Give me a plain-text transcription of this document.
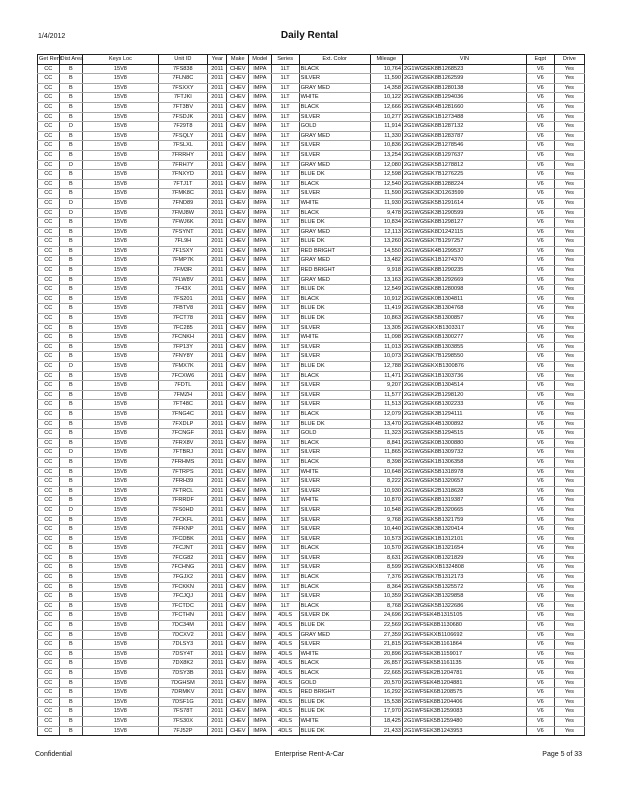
1/4/2012	Daily Rental
Get Rent	Dist Area	Keys Loc	Unit ID	Year	Make	Model	Series	Ext. Color	Mileage	VIN	Eqpt	Drive
CC	B	15V8	7FS838	2011	CHEV	IMPA	1LT	BLACK	10,764	2G1WG5EK8B1268523	V6	Yes
CC	B	15V8	7FLN8C	2011	CHEV	IMPA	1LT	SILVER	11,590	2G1WG5EK8B1262599	V6	Yes
CC	B	15V8	7FSXXY	2011	CHEV	IMPA	1LT	GRAY MED	14,358	2G1WG5EK8B1280138	V6	Yes
CC	B	15V8	7FTJKI	2011	CHEV	IMPA	1LT	WHITE	10,122	2G1WG5EK8B1294036	V6	Yes
CC	B	15V8	7FT3BV	2011	CHEV	IMPA	1LT	BLACK	12,666	2G1WG5EK4B1281660	V6	Yes
CC	B	15V8	7FSDJK	2011	CHEV	IMPA	1LT	SILVER	10,277	2G1WG5EK1B1273488	V6	Yes
CC	D	15V8	7F29T8	2011	CHEV	IMPA	1LT	GOLD	11,914	2G1WG5EK8B1287132	V6	Yes
CC	B	15V8	7FSQLY	2011	CHEV	IMPA	1LT	GRAY MED	11,330	2G1WG5EK8B1283787	V6	Yes
CC	B	15V8	7FSLXL	2011	CHEV	IMPA	1LT	SILVER	10,836	2G1WG5EK2B1278546	V6	Yes
CC	B	15V8	7FRRHY	2011	CHEV	IMPA	1LT	SILVER	13,254	2G1WG5EK6B1297637	V6	Yes
CC	D	15V8	7FRH7Y	2011	CHEV	IMPA	1LT	GRAY MED	12,080	2G1WG5EK5B1278812	V6	Yes
CC	B	15V8	7FNXYD	2011	CHEV	IMPA	1LT	BLUE DK	12,598	2G1WG5EK7B1276225	V6	Yes
CC	B	15V8	7FTJ1T	2011	CHEV	IMPA	1LT	BLACK	12,540	2G1WG5EK8B1288224	V6	Yes
CC	B	15V8	7FMK8C	2011	CHEV	IMPA	1LT	SILVER	11,590	2G1WG5EK3D1263599	V6	Yes
CC	D	15V8	7FND89	2011	CHEV	IMPA	1LT	WHITE	11,930	2G1WG5EK5B1291614	V6	Yes
CC	D	15V8	7FMJ8W	2011	CHEV	IMPA	1LT	BLACK	9,478	2G1WG5EK3B1290599	V6	Yes
CC	B	15V8	7FWJ6K	2011	CHEV	IMPA	1LT	BLUE DK	10,834	2G1WG5EK8B1298127	V6	Yes
CC	B	15V8	7FSYNT	2011	CHEV	IMPA	1LT	GRAY MED	12,113	2G1WG5EK8D1242115	V6	Yes
CC	B	15V8	7FL9H	2011	CHEV	IMPA	1LT	BLUE DK	13,260	2G1WG5EK7B1297257	V6	Yes
CC	B	15V8	7F1SXY	2011	CHEV	IMPA	1LT	RED BRIGHT	14,550	2G1WG5EK4B1299537	V6	Yes
CC	B	15V8	7FMP7K	2011	CHEV	IMPA	1LT	GRAY MED	13,482	2G1WG5EK1B1274370	V6	Yes
CC	B	15V8	7FM3R	2011	CHEV	IMPA	1LT	RED BRIGHT	9,918	2G1WG5EK8B1290235	V6	Yes
CC	B	15V8	7FLW8V	2011	CHEV	IMPA	1LT	GRAY MED	13,163	2G1WG5EK3B1292669	V6	Yes
CC	B	15V8	7F43X	2011	CHEV	IMPA	1LT	BLUE DK	12,549	2G1WG5EK8B1280098	V6	Yes
CC	B	15V8	7FS201	2011	CHEV	IMPA	1LT	BLACK	10,912	2G1WG5EK0B1304811	V6	Yes
CC	B	15V8	7FBTV8	2011	CHEV	IMPA	1LT	BLUE DK	11,419	2G1WG5EK3B1304768	V6	Yes
CC	B	15V8	7FCT78	2011	CHEV	IMPA	1LT	BLUE DK	10,863	2G1WG5EK5B1300857	V6	Yes
CC	B	15V8	7FC285	2011	CHEV	IMPA	1LT	SILVER	13,305	2G1WG5EKXB1303317	V6	Yes
CC	B	15V8	7FCNKH	2011	CHEV	IMPA	1LT	WHITE	11,098	2G1WG5EK6B1300277	V6	Yes
CC	B	15V8	7FP13Y	2011	CHEV	IMPA	1LT	SILVER	11,013	2G1WG5EK8B1303855	V6	Yes
CC	B	15V8	7FNY8Y	2011	CHEV	IMPA	1LT	SILVER	10,073	2G1WG5EK7B1298550	V6	Yes
CC	D	15V8	7FMX7K	2011	CHEV	IMPA	1LT	BLUE DK	12,788	2G1WG5EKXB1300876	V6	Yes
CC	B	15V8	7FCXW6	2011	CHEV	IMPA	1LT	BLACK	11,471	2G1WG5EK1B1303736	V6	Yes
CC	B	15V8	7FDTL	2011	CHEV	IMPA	1LT	SILVER	9,207	2G1WG5EK0B1304514	V6	Yes
CC	B	15V8	7FMZH	2011	CHEV	IMPA	1LT	SILVER	11,577	2G1WG5EK2B1298120	V6	Yes
CC	B	15V8	7FT48C	2011	CHEV	IMPA	1LT	SILVER	11,513	2G1WG5EK6B1302233	V6	Yes
CC	B	15V8	7FNG4C	2011	CHEV	IMPA	1LT	BLACK	12,079	2G1WG5EK3B1294111	V6	Yes
CC	B	15V8	7FXDLP	2011	CHEV	IMPA	1LT	BLUE DK	13,470	2G1WG5EK4B1300892	V6	Yes
CC	B	15V8	7FCNGF	2011	CHEV	IMPA	1LT	GOLD	11,323	2G1WG5EK5B1294515	V6	Yes
CC	B	15V8	7FRX8V	2011	CHEV	IMPA	1LT	BLACK	8,841	2G1WG5EK0B1300880	V6	Yes
CC	D	15V8	7FTBRJ	2011	CHEV	IMPA	1LT	SILVER	11,865	2G1WG5EK8B1309732	V6	Yes
CC	B	15V8	7FRHMS	2011	CHEV	IMPA	1LT	BLACK	8,398	2G1WG5EK1B1306358	V6	Yes
CC	B	15V8	7FTRPS	2011	CHEV	IMPA	1LT	WHITE	10,648	2G1WG5EK5B1318978	V6	Yes
CC	B	15V8	7FRH39	2011	CHEV	IMPA	1LT	SILVER	8,222	2G1WG5EK5B1320657	V6	Yes
CC	B	15V8	7FTRCL	2011	CHEV	IMPA	1LT	SILVER	10,930	2G1WG5EK2B1318628	V6	Yes
CC	B	15V8	7FRRDF	2011	CHEV	IMPA	1LT	WHITE	10,870	2G1WG5EK8B1319387	V6	Yes
CC	D	15V8	7FS0HD	2011	CHEV	IMPA	1LT	SILVER	10,548	2G1WG5EK2B1320665	V6	Yes
CC	B	15V8	7FCKFL	2011	CHEV	IMPA	1LT	SILVER	9,768	2G1WG5EK5B1321759	V6	Yes
CC	B	15V8	7FFKNP	2011	CHEV	IMPA	1LT	SILVER	10,440	2G1WG5EK3B1320414	V6	Yes
CC	B	15V8	7FCDBK	2011	CHEV	IMPA	1LT	SILVER	10,573	2G1WG5EK1B1312101	V6	Yes
CC	B	15V8	7FCJNT	2011	CHEV	IMPA	1LT	BLACK	10,570	2G1WG5EK1B1321654	V6	Yes
CC	B	15V8	7FCG82	2011	CHEV	IMPA	1LT	SILVER	8,631	2G1WG5EK0B1321829	V6	Yes
CC	B	15V8	7FCHNG	2011	CHEV	IMPA	1LT	SILVER	8,599	2G1WG5EKXB1324808	V6	Yes
CC	B	15V8	7FGJX2	2011	CHEV	IMPA	1LT	BLACK	7,376	2G1WG5EK7B1312173	V6	Yes
CC	B	15V8	7FCKKN	2011	CHEV	IMPA	1LT	BLACK	8,364	2G1WG5EK5B1325572	V6	Yes
CC	B	15V8	7FCJQJ	2011	CHEV	IMPA	1LT	SILVER	10,359	2G1WG5EK3B1329858	V6	Yes
CC	B	15V8	7FCTDC	2011	CHEV	IMPA	1LT	BLACK	8,768	2G1WG5EK5B1322686	V6	Yes
CC	B	15V8	7FCTHN	2011	CHEV	IMPA	4DLS	SILVER DK	24,696	2G1WF5EK4B1315105	V6	Yes
CC	B	15V8	7DC34M	2011	CHEV	IMPA	4DLS	BLUE DK	22,569	2G1WF5EK8B1130680	V6	Yes
CC	B	15V8	7DCXV2	2011	CHEV	IMPA	4DLS	GRAY MED	27,359	2G1WF5EKXB1106692	V6	Yes
CC	B	15V8	7DLSY3	2011	CHEV	IMPA	4DLS	SILVER	21,815	2G1WF5EK3B1161864	V6	Yes
CC	B	15V8	7DSY4T	2011	CHEV	IMPA	4DLS	WHITE	20,896	2G1WF5EK3B1159017	V6	Yes
CC	B	15V8	7DX8K2	2011	CHEV	IMPA	4DLS	BLACK	26,857	2G1WF5EK5B1161135	V6	Yes
CC	B	15V8	7DSY3B	2011	CHEV	IMPA	4DLS	BLACK	22,665	2G1WF5EK2B1204781	V6	Yes
CC	B	15V8	7DGHSM	2011	CHEV	IMPA	4DLS	GOLD	20,570	2G1WF5EK4B1204881	V6	Yes
CC	B	15V8	7DRMKV	2011	CHEV	IMPA	4DLS	RED BRIGHT	16,292	2G1WF5EK6B1208575	V6	Yes
CC	B	15V8	7DSF1G	2011	CHEV	IMPA	4DLS	BLUE DK	15,538	2G1WF5EK8B1204406	V6	Yes
CC	B	15V8	7FS78T	2011	CHEV	IMPA	4DLS	BLUE DK	17,970	2G1WF5EK3B1259083	V6	Yes
CC	B	15V8	7FS30X	2011	CHEV	IMPA	4DLS	WHITE	18,425	2G1WF5EK5B1259480	V6	Yes
CC	B	15V8	7FJ52P	2011	CHEV	IMPA	4DLS	BLUE DK	21,433	2G1WF5EK3B1243953	V6	Yes
Confidential	Enterprise Rent-A-Car	Page 5 of 33
